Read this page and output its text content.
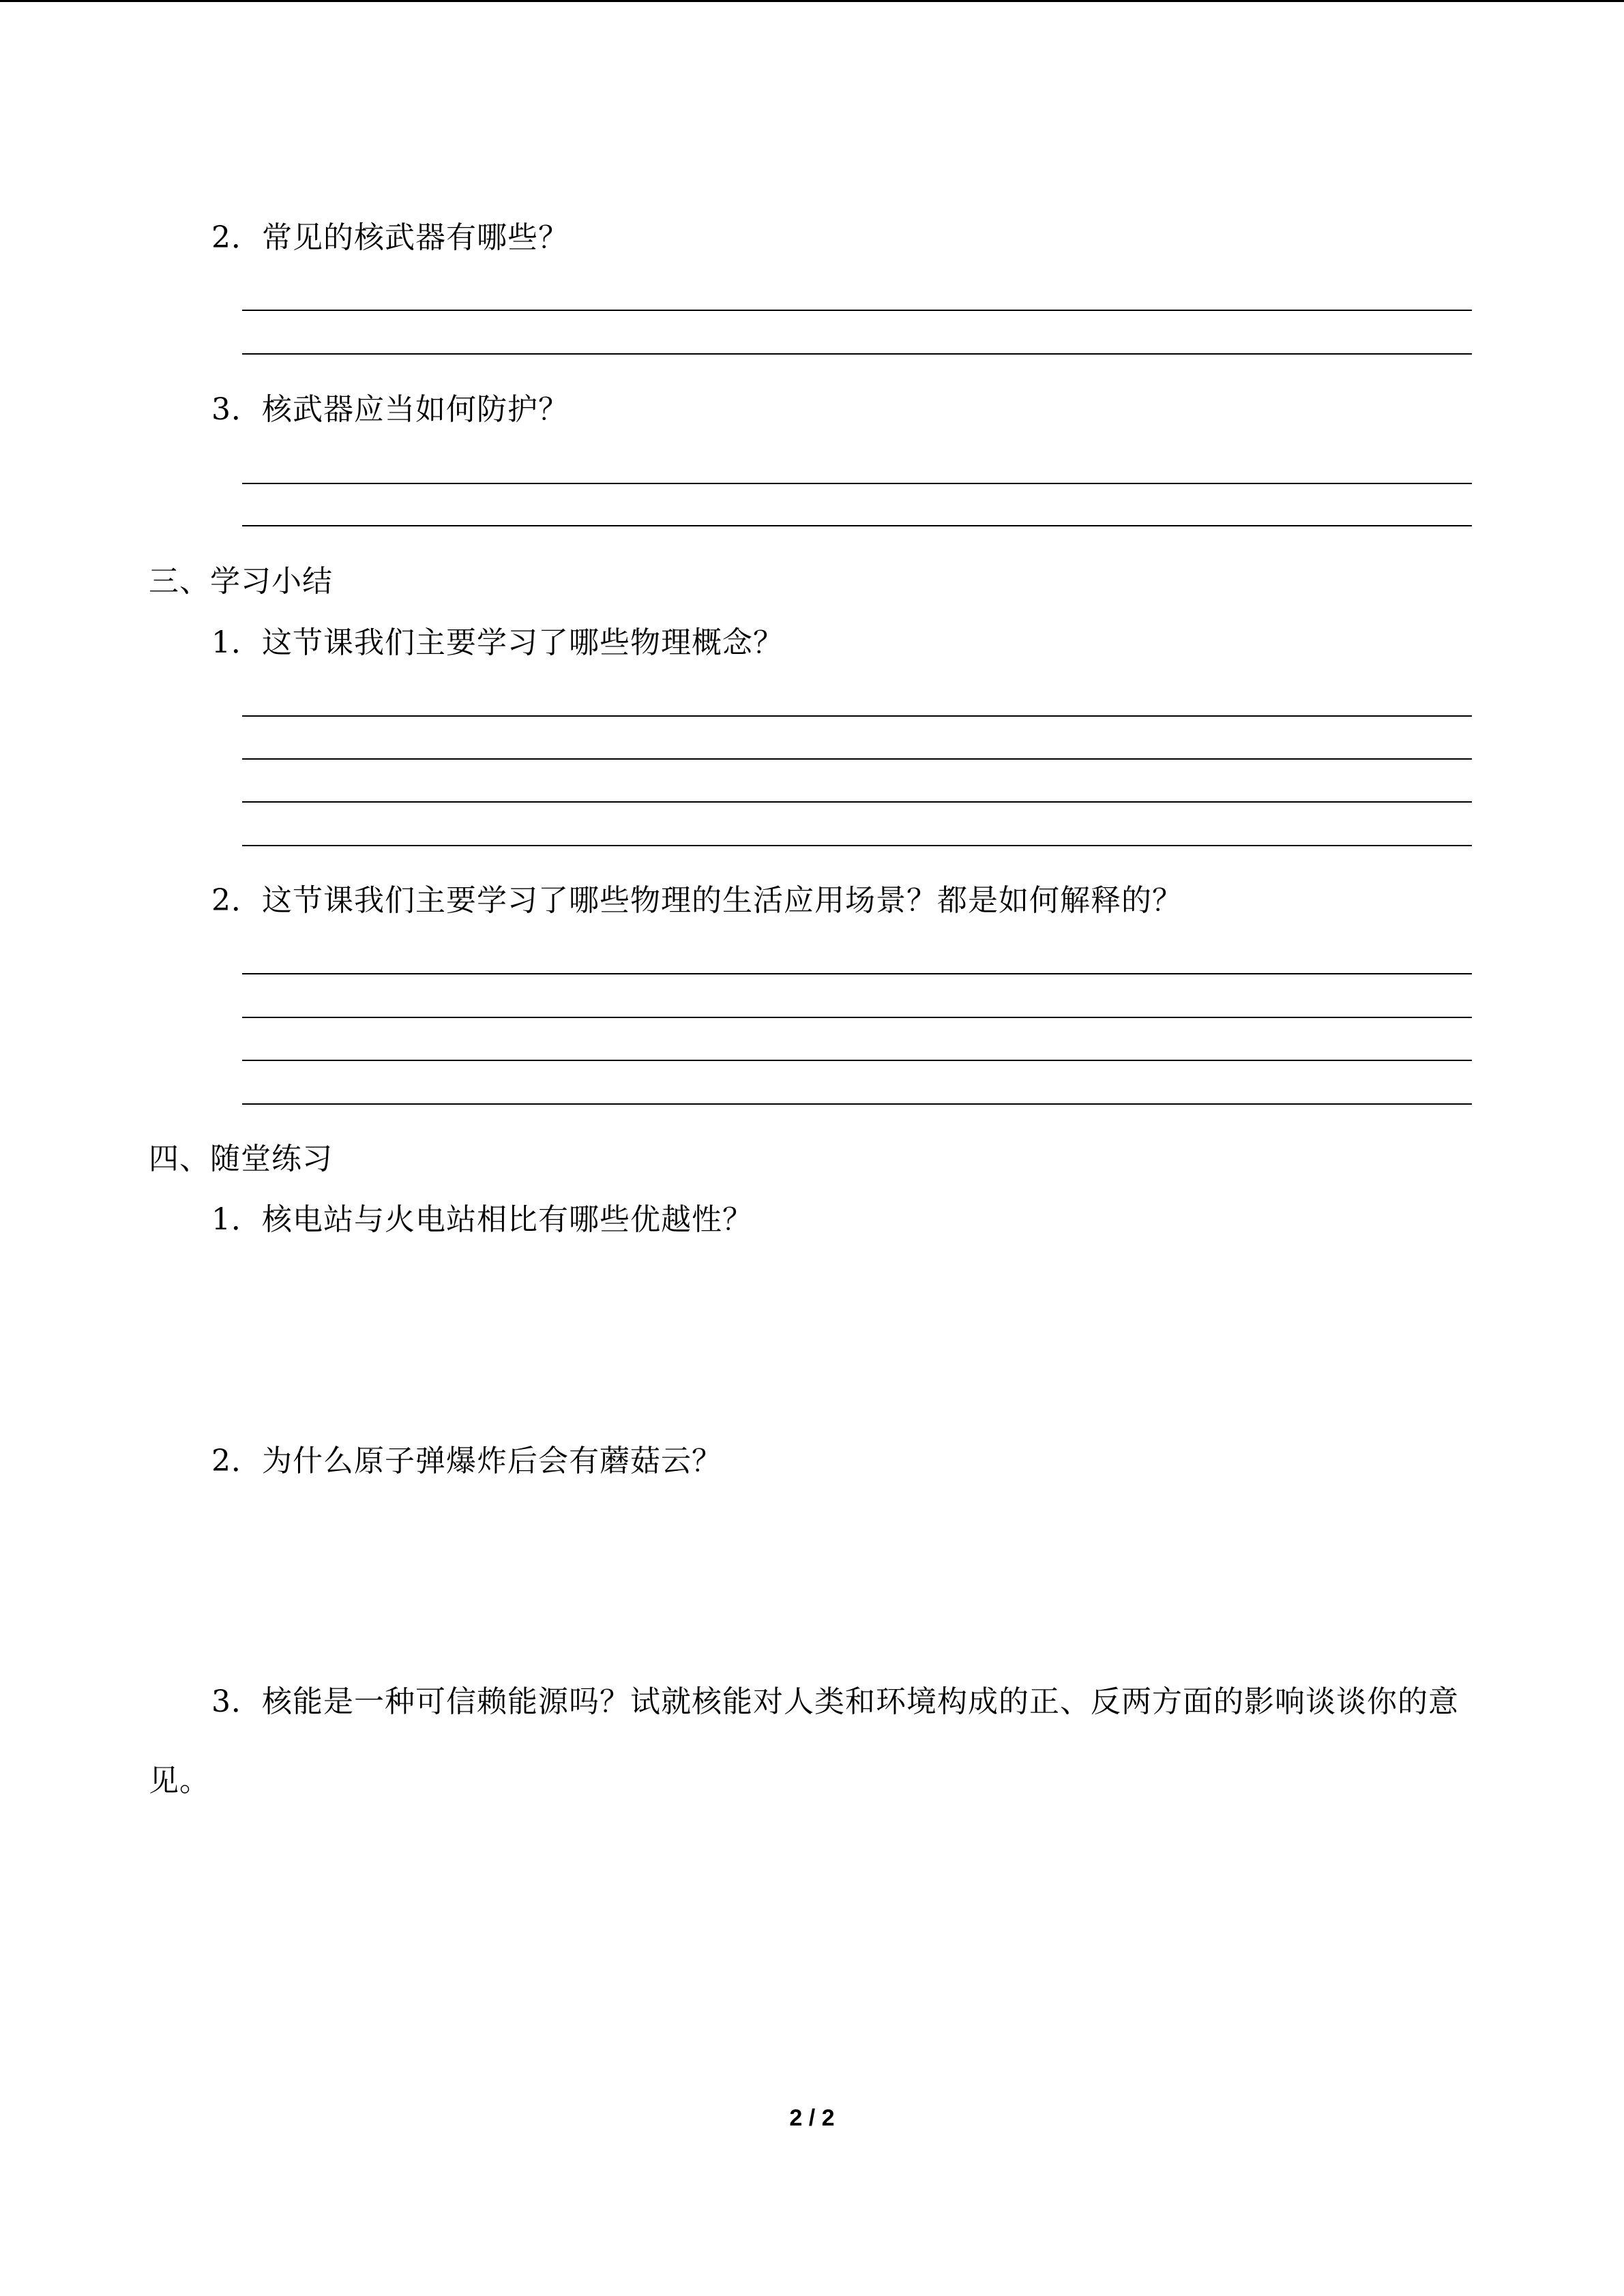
2．常见的核武器有哪些？
3．核武器应当如何防护？
三、学习小结
1．这节课我们主要学习了哪些物理概念？
2．这节课我们主要学习了哪些物理的生活应用场景？都是如何解释的？
四、随堂练习
1．核电站与火电站相比有哪些优越性？
2．为什么原子弹爆炸后会有蘑菇云？
3．核能是一种可信赖能源吗？试就核能对人类和环境构成的正、反两方面的影响谈谈你的意见。
2 / 2
